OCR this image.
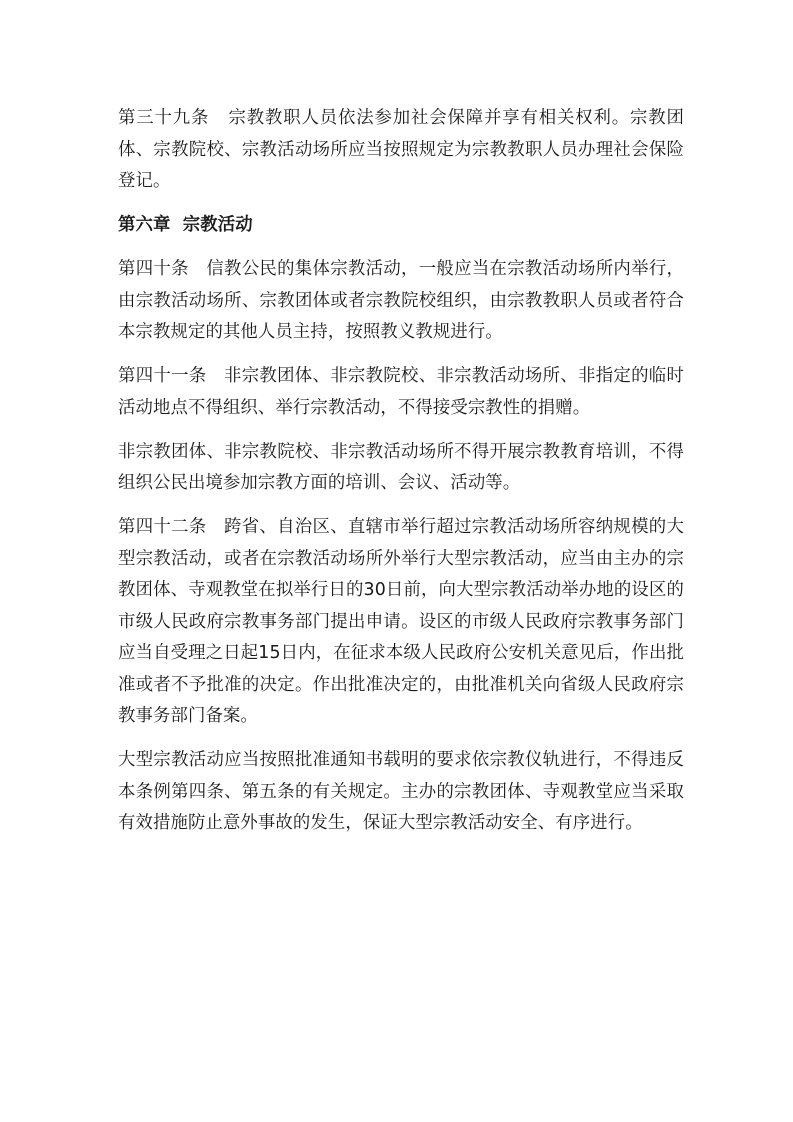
第三十九条 宗教教职人员依法参加社会保障并享有相关权利。宗教团体、宗教院校、宗教活动场所应当按照规定为宗教教职人员办理社会保险登记。

第六章 宗教活动

第四十条 信教公民的集体宗教活动，一般应当在宗教活动场所内举行，由宗教活动场所、宗教团体或者宗教院校组织，由宗教教职人员或者符合本宗教规定的其他人员主持，按照教义教规进行。

第四十一条 非宗教团体、非宗教院校、非宗教活动场所、非指定的临时活动地点不得组织、举行宗教活动，不得接受宗教性的捐赠。

非宗教团体、非宗教院校、非宗教活动场所不得开展宗教教育培训，不得组织公民出境参加宗教方面的培训、会议、活动等。

第四十二条 跨省、自治区、直辖市举行超过宗教活动场所容纳规模的大型宗教活动，或者在宗教活动场所外举行大型宗教活动，应当由主办的宗教团体、寺观教堂在拟举行日的30日前，向大型宗教活动举办地的设区的市级人民政府宗教事务部门提出申请。设区的市级人民政府宗教事务部门应当自受理之日起15日内，在征求本级人民政府公安机关意见后，作出批准或者不予批准的决定。作出批准决定的，由批准机关向省级人民政府宗教事务部门备案。

大型宗教活动应当按照批准通知书载明的要求依宗教仪轨进行，不得违反本条例第四条、第五条的有关规定。主办的宗教团体、寺观教堂应当采取有效措施防止意外事故的发生，保证大型宗教活动安全、有序进行。
